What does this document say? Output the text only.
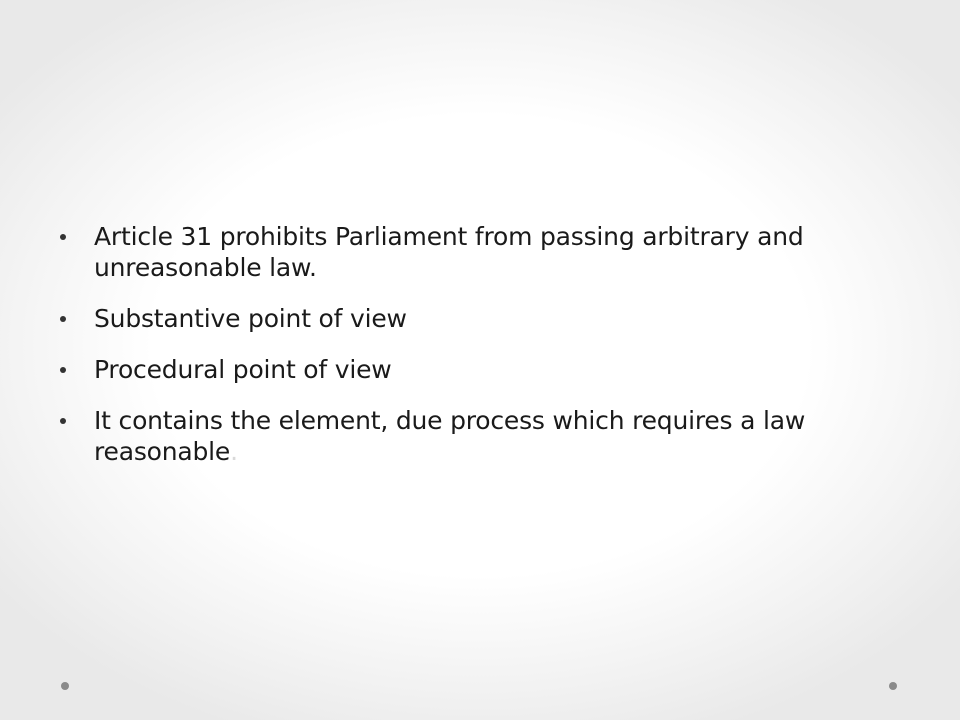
Article 31 prohibits Parliament from passing arbitrary and unreasonable law.
Substantive point of view
Procedural point of view
It contains the element, due process which requires a law reasonable.
